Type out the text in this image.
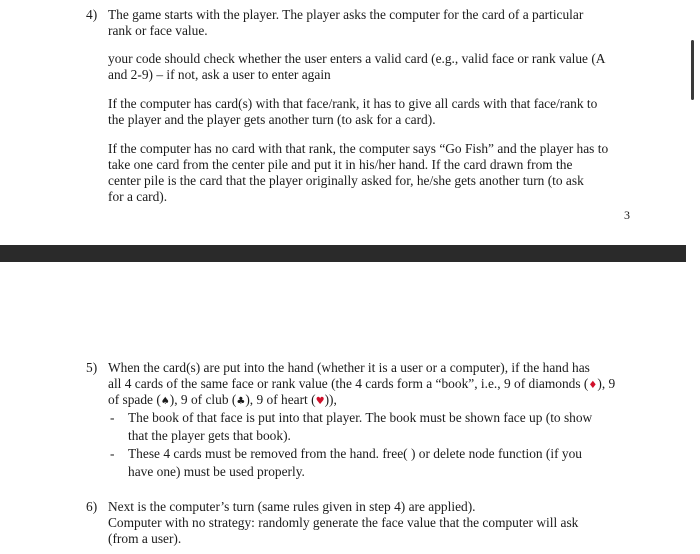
4) The game starts with the player. The player asks the computer for the card of a particular

rank or face value.

your code should check whether the user enters a valid card (e.g., valid face or rank value (A

and 2-9) – if not, ask a user to enter again

If the computer has card(s) with that face/rank, it has to give all cards with that face/rank to

the player and the player gets another turn (to ask for a card).

If the computer has no card with that rank, the computer says “Go Fish” and the player has to

take one card from the center pile and put it in his/her hand. If the card drawn from the

center pile is the card that the player originally asked for, he/she gets another turn (to ask

for a card).

3

5) When the card(s) are put into the hand (whether it is a user or a computer), if the hand has

all 4 cards of the same face or rank value (the 4 cards form a “book”, i.e., 9 of diamonds (♦), 9

of spade (♠), 9 of club (♣), 9 of heart (♥)),

- The book of that face is put into that player. The book must be shown face up (to show

that the player gets that book).

- These 4 cards must be removed from the hand. free( ) or delete node function (if you

have one) must be used properly.

6) Next is the computer’s turn (same rules given in step 4) are applied).

Computer with no strategy: randomly generate the face value that the computer will ask

(from a user).
